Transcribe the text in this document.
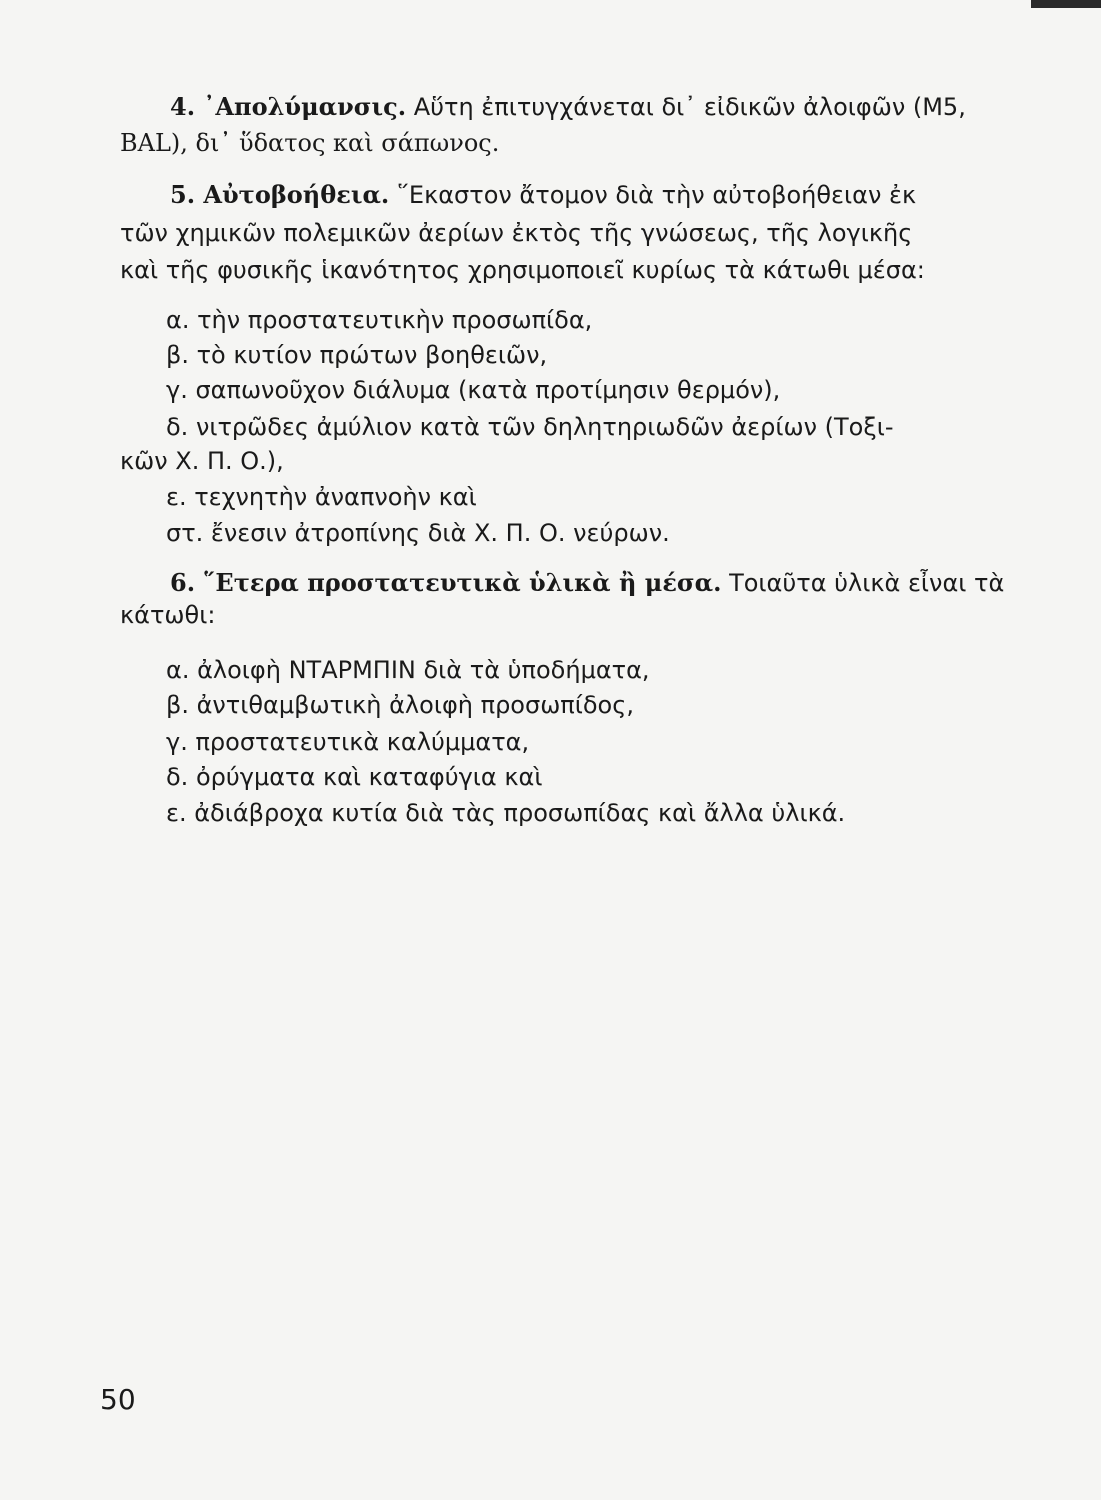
4. ᾿Απολύμανσις. Αὕτη ἐπιτυγχάνεται δι᾿ εἰδικῶν ἀλοιφῶν (Μ5,
BAL), δι᾿ ὕδατος καὶ σάπωνος.
5. Αὐτοβοήθεια. ῞Εκαστον ἄτομον διὰ τὴν αὐτοβοήθειαν ἐκ
τῶν χημικῶν πολεμικῶν ἀερίων ἐκτὸς τῆς γνώσεως, τῆς λογικῆς
καὶ τῆς φυσικῆς ἱκανότητος χρησιμοποιεῖ κυρίως τὰ κάτωθι μέσα:
α. τὴν προστατευτικὴν προσωπίδα,
β. τὸ κυτίον πρώτων βοηθειῶν,
γ. σαπωνοῦχον διάλυμα (κατὰ προτίμησιν θερμόν),
δ. νιτρῶδες ἀμύλιον κατὰ τῶν δηλητηριωδῶν ἀερίων (Τοξι-
κῶν Χ. Π. Ο.),
ε. τεχνητὴν ἀναπνοὴν καὶ
στ. ἔνεσιν ἀτροπίνης διὰ Χ. Π. Ο. νεύρων.
6. ῞Ετερα προστατευτικὰ ὑλικὰ ἢ μέσα. Τοιαῦτα ὑλικὰ εἶναι τὰ
κάτωθι:
α. ἀλοιφὴ ΝΤΑΡΜΠΙΝ διὰ τὰ ὑποδήματα,
β. ἀντιθαμβωτικὴ ἀλοιφὴ προσωπίδος,
γ. προστατευτικὰ καλύμματα,
δ. ὀρύγματα καὶ καταφύγια καὶ
ε. ἀδιάβροχα κυτία διὰ τὰς προσωπίδας καὶ ἄλλα ὑλικά.
50
